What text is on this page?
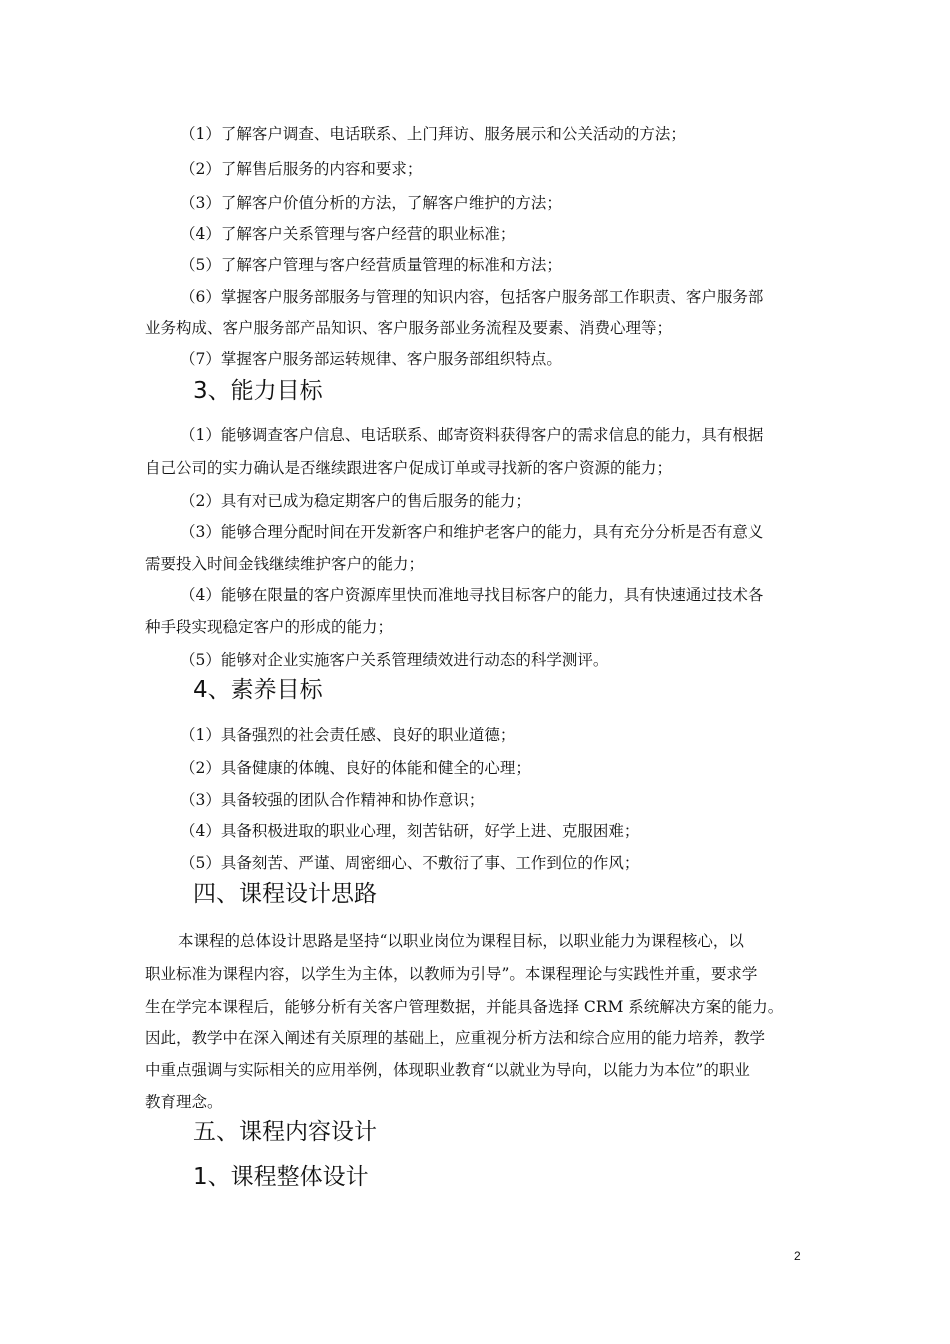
（1）了解客户调查、电话联系、上门拜访、服务展示和公关活动的方法；
（2）了解售后服务的内容和要求；
（3）了解客户价值分析的方法，了解客户维护的方法；
（4）了解客户关系管理与客户经营的职业标准；
（5）了解客户管理与客户经营质量管理的标准和方法；
（6）掌握客户服务部服务与管理的知识内容，包括客户服务部工作职责、客户服务部
业务构成、客户服务部产品知识、客户服务部业务流程及要素、消费心理等；
（7）掌握客户服务部运转规律、客户服务部组织特点。
3、能力目标
（1）能够调查客户信息、电话联系、邮寄资料获得客户的需求信息的能力，具有根据
自己公司的实力确认是否继续跟进客户促成订单或寻找新的客户资源的能力；
（2）具有对已成为稳定期客户的售后服务的能力；
（3）能够合理分配时间在开发新客户和维护老客户的能力，具有充分分析是否有意义
需要投入时间金钱继续维护客户的能力；
（4）能够在限量的客户资源库里快而准地寻找目标客户的能力，具有快速通过技术各
种手段实现稳定客户的形成的能力；
（5）能够对企业实施客户关系管理绩效进行动态的科学测评。
4、素养目标
（1）具备强烈的社会责任感、良好的职业道德；
（2）具备健康的体魄、良好的体能和健全的心理；
（3）具备较强的团队合作精神和协作意识；
（4）具备积极进取的职业心理，刻苦钻研，好学上进、克服困难；
（5）具备刻苦、严谨、周密细心、不敷衍了事、工作到位的作风；
四、课程设计思路
本课程的总体设计思路是坚持“以职业岗位为课程目标，以职业能力为课程核心，以
职业标准为课程内容，以学生为主体，以教师为引导”。本课程理论与实践性并重，要求学
生在学完本课程后，能够分析有关客户管理数据，并能具备选择 CRM 系统解决方案的能力。
因此，教学中在深入阐述有关原理的基础上，应重视分析方法和综合应用的能力培养，教学
中重点强调与实际相关的应用举例，体现职业教育“以就业为导向，以能力为本位”的职业
教育理念。
五、课程内容设计
1、课程整体设计
2
